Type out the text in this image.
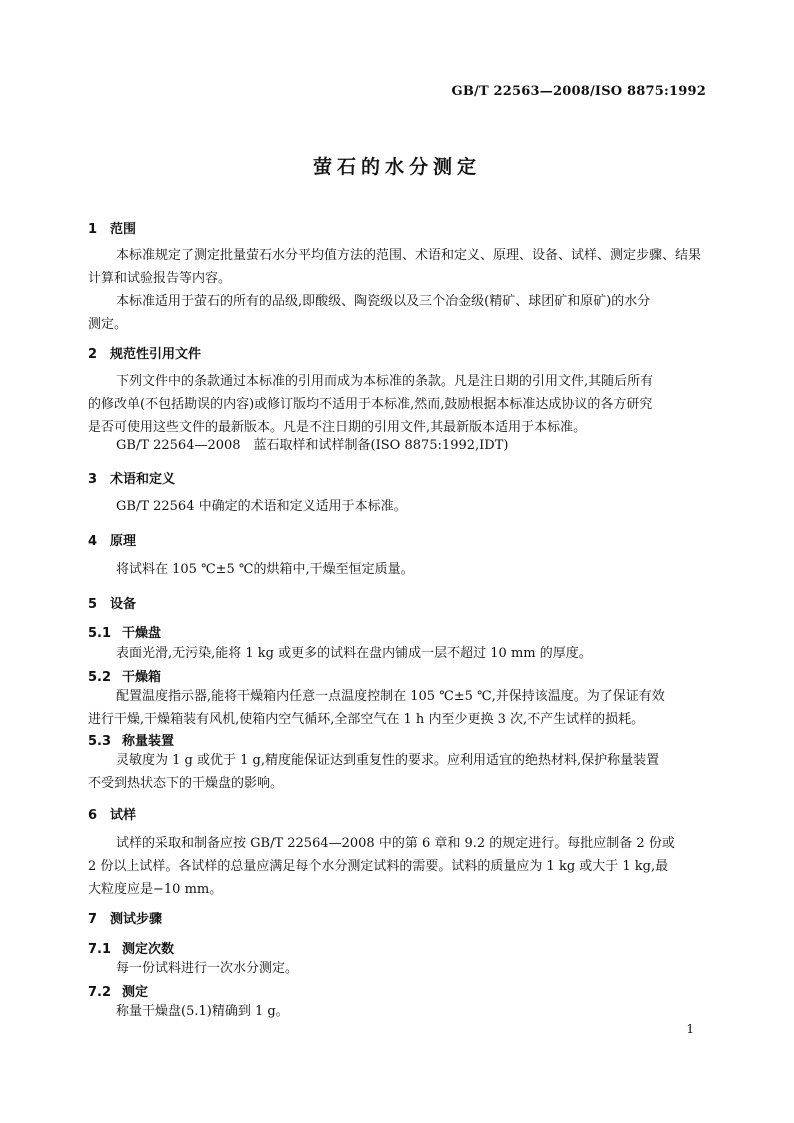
GB/T 22563—2008/ISO 8875:1992
萤石的水分测定
1 范围
本标准规定了测定批量萤石水分平均值方法的范围、术语和定义、原理、设备、试样、测定步骤、结果
计算和试验报告等内容。
本标准适用于萤石的所有的品级,即酸级、陶瓷级以及三个冶金级(精矿、球团矿和原矿)的水分
测定。
2 规范性引用文件
下列文件中的条款通过本标准的引用而成为本标准的条款。凡是注日期的引用文件,其随后所有
的修改单(不包括勘误的内容)或修订版均不适用于本标准,然而,鼓励根据本标准达成协议的各方研究
是否可使用这些文件的最新版本。凡是不注日期的引用文件,其最新版本适用于本标准。
GB/T 22564—2008　蓝石取样和试样制备(ISO 8875:1992,IDT)
3 术语和定义
GB/T 22564 中确定的术语和定义适用于本标准。
4 原理
将试料在 105 ℃±5 ℃的烘箱中,干燥至恒定质量。
5 设备
5.1 干燥盘
表面光滑,无污染,能将 1 kg 或更多的试料在盘内铺成一层不超过 10 mm 的厚度。
5.2 干燥箱
配置温度指示器,能将干燥箱内任意一点温度控制在 105 ℃±5 ℃,并保持该温度。为了保证有效
进行干燥,干燥箱装有风机,使箱内空气循环,全部空气在 1 h 内至少更换 3 次,不产生试样的损耗。
5.3 称量装置
灵敏度为 1 g 或优于 1 g,精度能保证达到重复性的要求。应利用适宜的绝热材料,保护称量装置
不受到热状态下的干燥盘的影响。
6 试样
试样的采取和制备应按 GB/T 22564—2008 中的第 6 章和 9.2 的规定进行。每批应制备 2 份或
2 份以上试样。各试样的总量应满足每个水分测定试料的需要。试料的质量应为 1 kg 或大于 1 kg,最
大粒度应是−10 mm。
7 测试步骤
7.1 测定次数
每一份试料进行一次水分测定。
7.2 测定
称量干燥盘(5.1)精确到 1 g。
1
